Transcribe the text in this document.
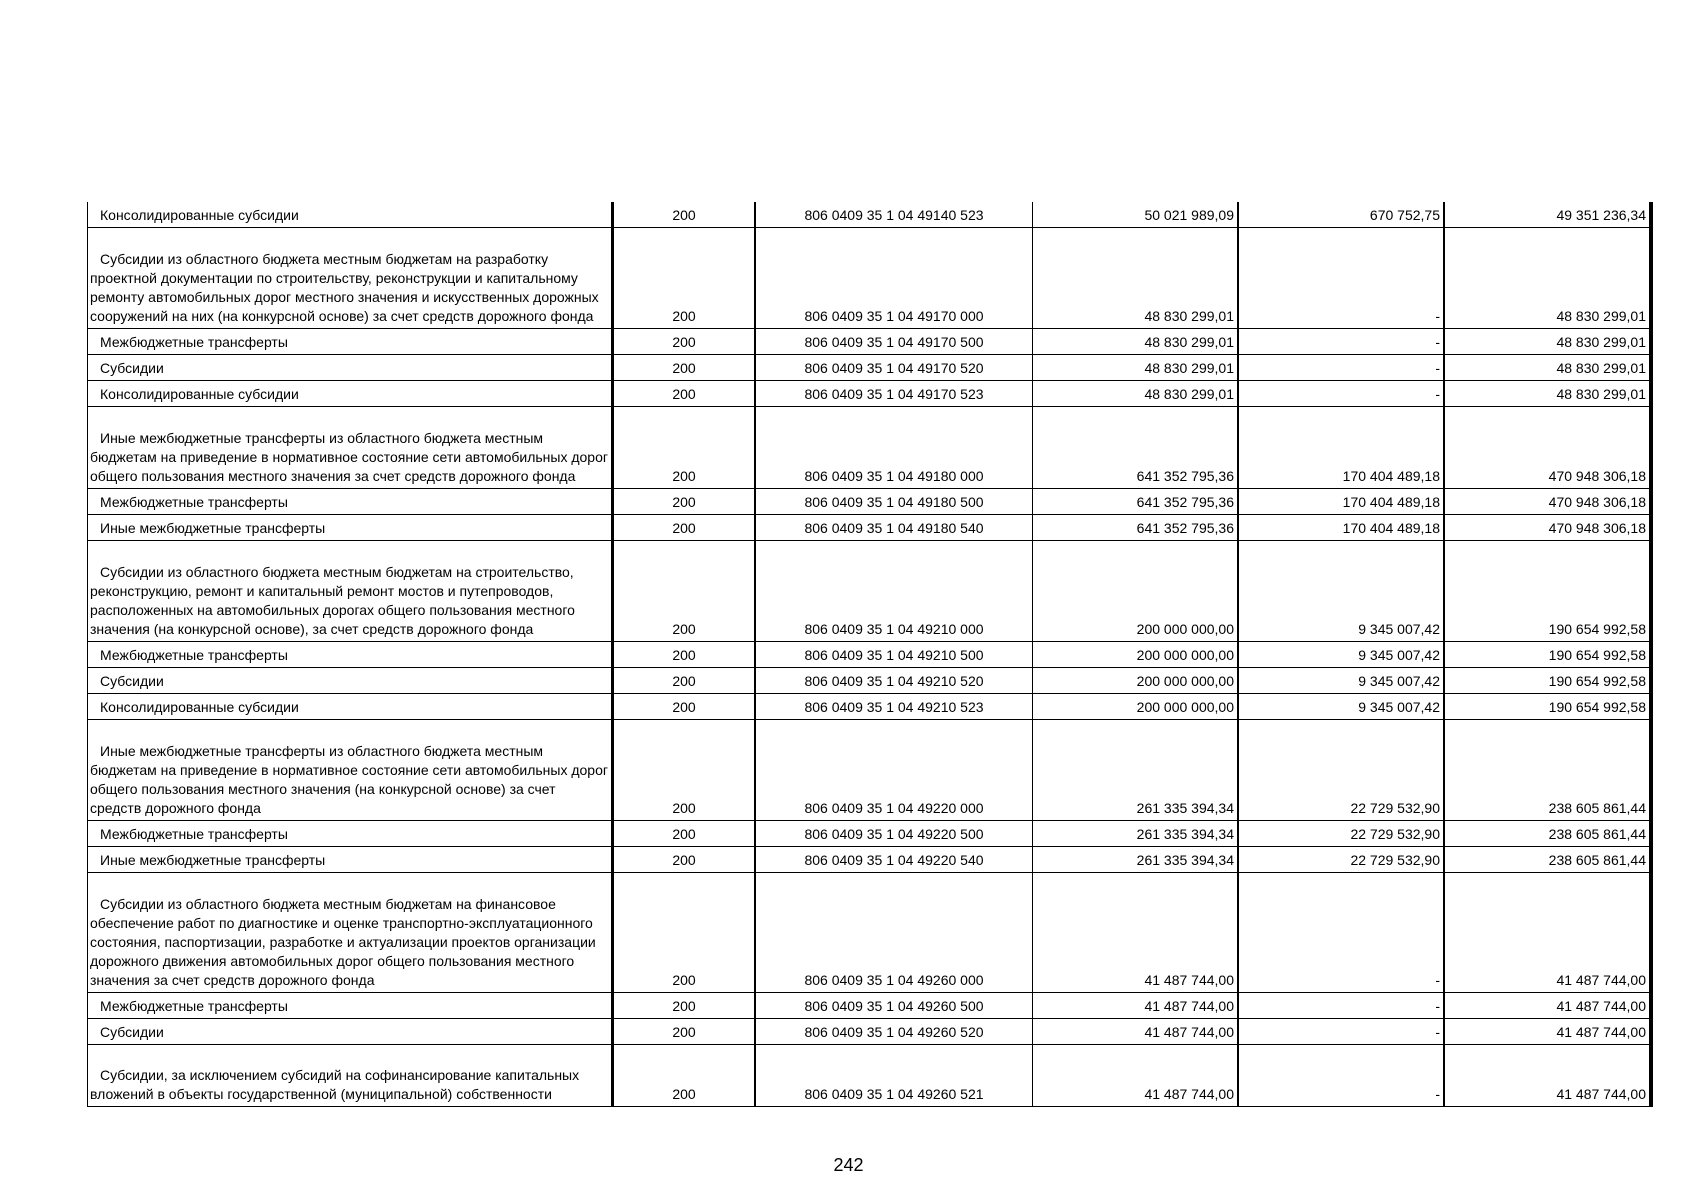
Консолидированные субсидии	200	806 0409 35 1 04 49140 523	50 021 989,09	670 752,75	49 351 236,34

Субсидии из областного бюджета местным бюджетам на разработку проектной документации по строительству, реконструкции и капитальному ремонту автомобильных дорог местного значения и искусственных дорожных сооружений на них (на конкурсной основе) за счет средств дорожного фонда	200	806 0409 35 1 04 49170 000	48 830 299,01	-	48 830 299,01

Межбюджетные трансферты	200	806 0409 35 1 04 49170 500	48 830 299,01	-	48 830 299,01

Субсидии	200	806 0409 35 1 04 49170 520	48 830 299,01	-	48 830 299,01

Консолидированные субсидии	200	806 0409 35 1 04 49170 523	48 830 299,01	-	48 830 299,01

Иные межбюджетные трансферты из областного бюджета местным бюджетам на приведение в нормативное состояние сети автомобильных дорог общего пользования местного значения за счет средств дорожного фонда	200	806 0409 35 1 04 49180 000	641 352 795,36	170 404 489,18	470 948 306,18

Межбюджетные трансферты	200	806 0409 35 1 04 49180 500	641 352 795,36	170 404 489,18	470 948 306,18

Иные межбюджетные трансферты	200	806 0409 35 1 04 49180 540	641 352 795,36	170 404 489,18	470 948 306,18

Субсидии из областного бюджета местным бюджетам на строительство, реконструкцию, ремонт и капитальный ремонт мостов и путепроводов, расположенных на автомобильных дорогах общего пользования местного значения (на конкурсной основе), за счет средств дорожного фонда	200	806 0409 35 1 04 49210 000	200 000 000,00	9 345 007,42	190 654 992,58

Межбюджетные трансферты	200	806 0409 35 1 04 49210 500	200 000 000,00	9 345 007,42	190 654 992,58

Субсидии	200	806 0409 35 1 04 49210 520	200 000 000,00	9 345 007,42	190 654 992,58

Консолидированные субсидии	200	806 0409 35 1 04 49210 523	200 000 000,00	9 345 007,42	190 654 992,58

Иные межбюджетные трансферты из областного бюджета местным бюджетам на приведение в нормативное состояние сети автомобильных дорог общего пользования местного значения (на конкурсной основе) за счет средств дорожного фонда	200	806 0409 35 1 04 49220 000	261 335 394,34	22 729 532,90	238 605 861,44

Межбюджетные трансферты	200	806 0409 35 1 04 49220 500	261 335 394,34	22 729 532,90	238 605 861,44

Иные межбюджетные трансферты	200	806 0409 35 1 04 49220 540	261 335 394,34	22 729 532,90	238 605 861,44

Субсидии из областного бюджета местным бюджетам на финансовое обеспечение работ по диагностике и оценке транспортно-эксплуатационного состояния, паспортизации, разработке и актуализации проектов организации дорожного движения автомобильных дорог общего пользования местного значения за счет средств дорожного фонда	200	806 0409 35 1 04 49260 000	41 487 744,00	-	41 487 744,00

Межбюджетные трансферты	200	806 0409 35 1 04 49260 500	41 487 744,00	-	41 487 744,00

Субсидии	200	806 0409 35 1 04 49260 520	41 487 744,00	-	41 487 744,00

Субсидии, за исключением субсидий на софинансирование капитальных вложений в объекты государственной (муниципальной) собственности	200	806 0409 35 1 04 49260 521	41 487 744,00	-	41 487 744,00
242
